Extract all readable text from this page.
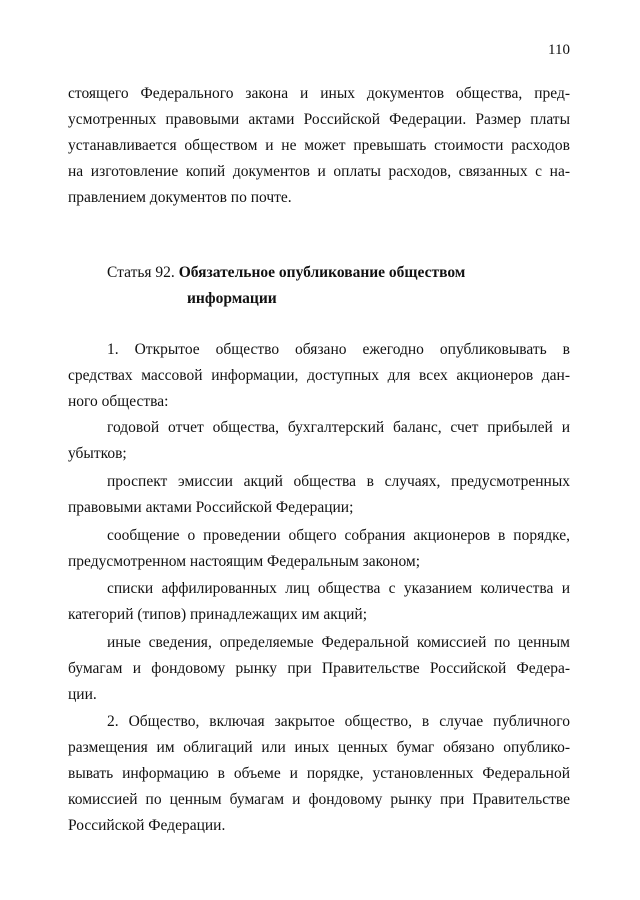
110
стоящего Федерального закона и иных документов общества, пред-
усмотренных правовыми актами Российской Федерации. Размер платы
устанавливается обществом и не может превышать стоимости расходов
на изготовление копий документов и оплаты расходов, связанных с на-
правлением документов по почте.
Статья 92. Обязательное опубликование обществом
информации
1. Открытое общество обязано ежегодно опубликовывать в
средствах массовой информации, доступных для всех акционеров дан-
ного общества:
годовой отчет общества, бухгалтерский баланс, счет прибылей и
убытков;
проспект эмиссии акций общества в случаях, предусмотренных
правовыми актами Российской Федерации;
сообщение о проведении общего собрания акционеров в порядке,
предусмотренном настоящим Федеральным законом;
списки аффилированных лиц общества с указанием количества и
категорий (типов) принадлежащих им акций;
иные сведения, определяемые Федеральной комиссией по ценным
бумагам и фондовому рынку при Правительстве Российской Федера-
ции.
2. Общество, включая закрытое общество, в случае публичного
размещения им облигаций или иных ценных бумаг обязано опублико-
вывать информацию в объеме и порядке, установленных Федеральной
комиссией по ценным бумагам и фондовому рынку при Правительстве
Российской Федерации.
